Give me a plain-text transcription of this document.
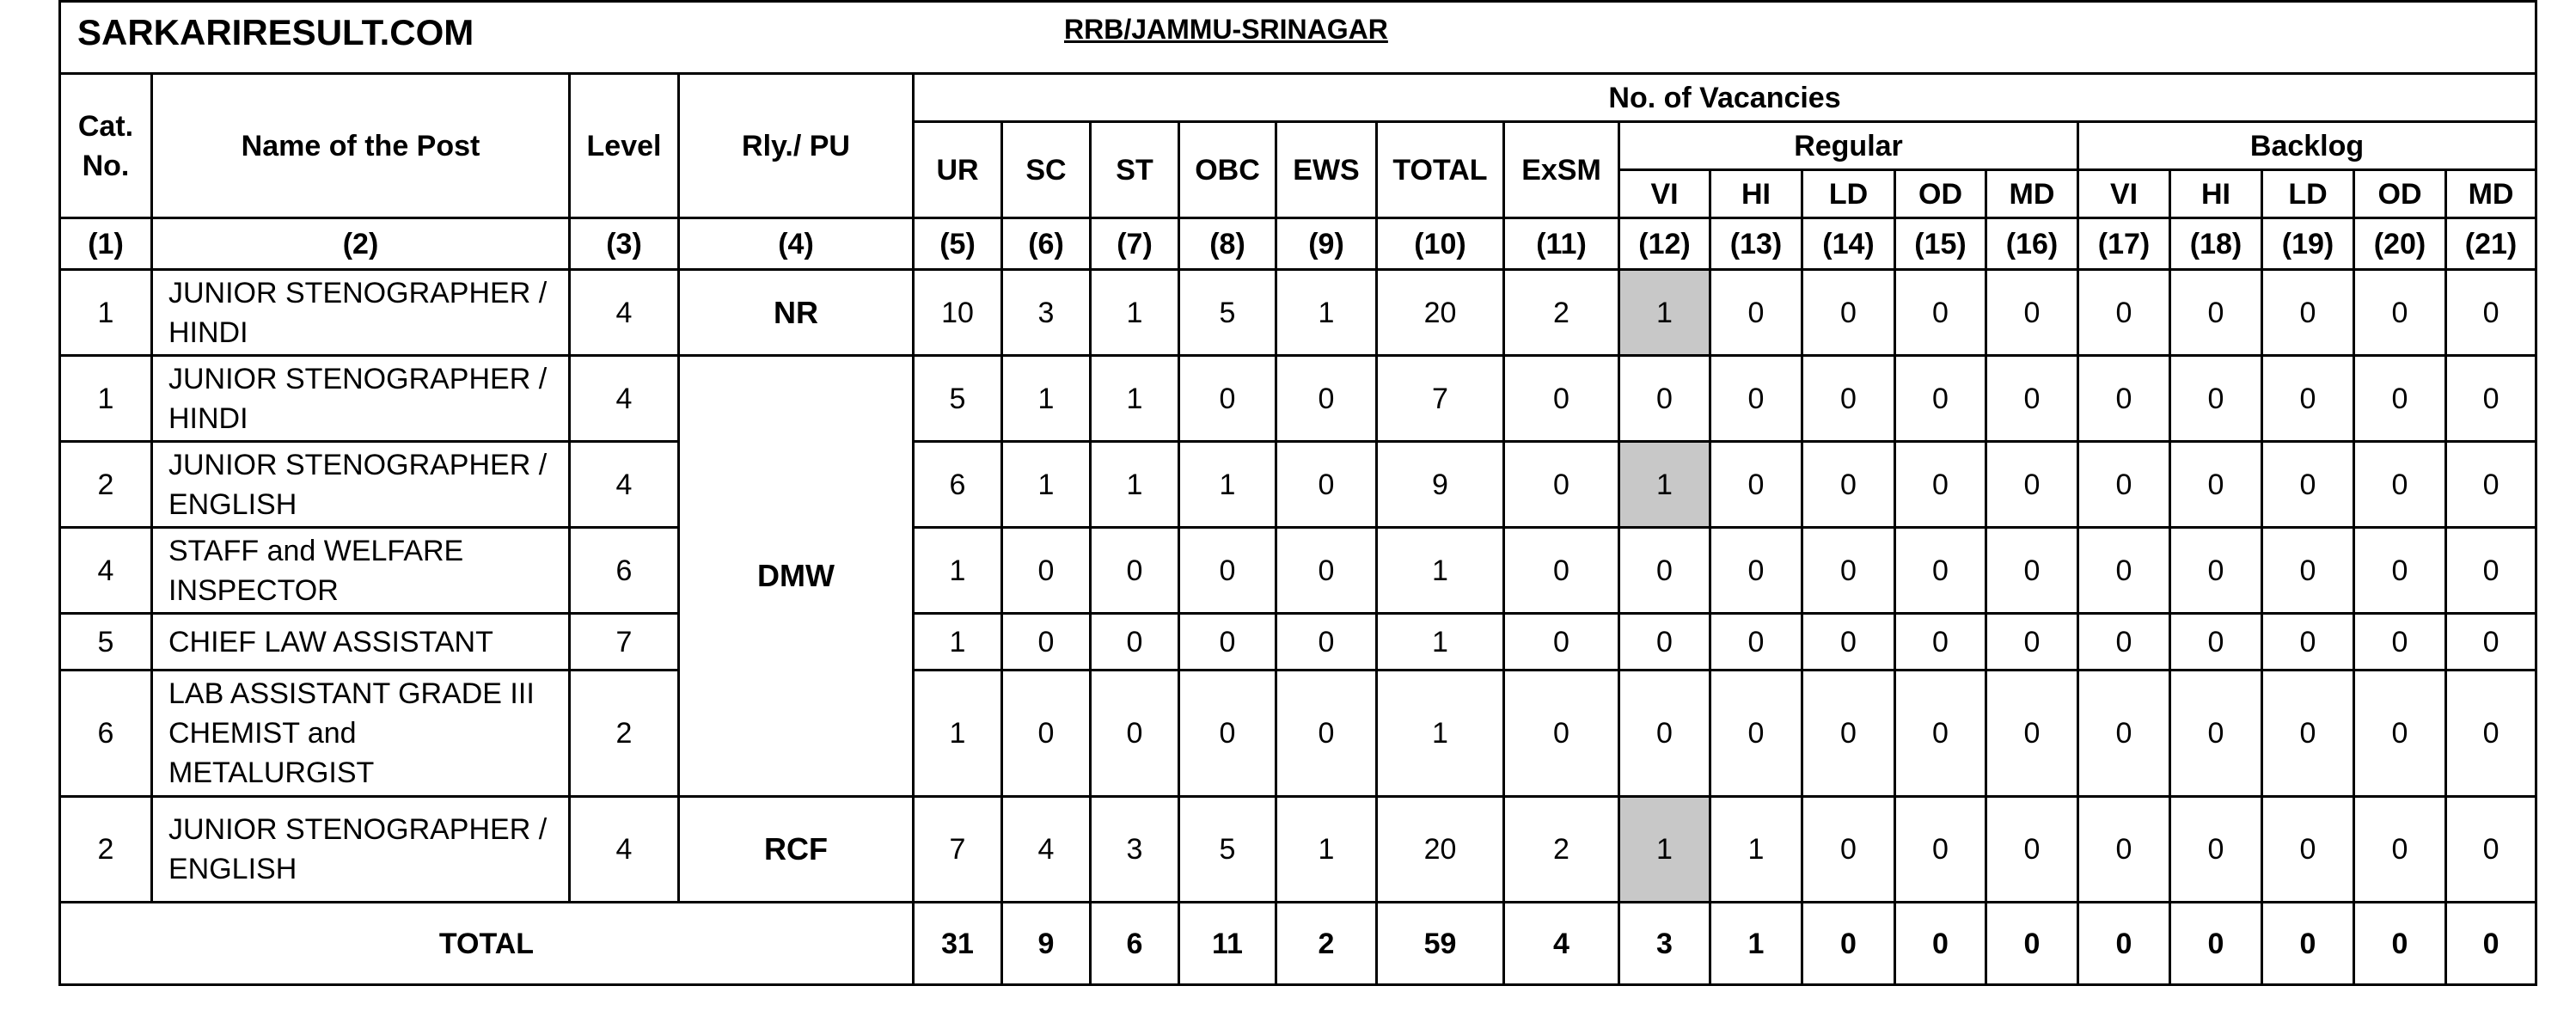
SARKARIRESULT.COM	RRB/JAMMU-SRINAGAR

Cat. No.	Name of the Post	Level	Rly./ PU	No. of Vacancies																
				UR	SC	ST	OBC	EWS	TOTAL	ExSM	Regular					Backlog				
											VI	HI	LD	OD	MD	VI	HI	LD	OD	MD
(1)	(2)	(3)	(4)	(5)	(6)	(7)	(8)	(9)	(10)	(11)	(12)	(13)	(14)	(15)	(16)	(17)	(18)	(19)	(20)	(21)
1	JUNIOR STENOGRAPHER / HINDI	4	NR	10	3	1	5	1	20	2	1	0	0	0	0	0	0	0	0	0
1	JUNIOR STENOGRAPHER / HINDI	4	DMW	5	1	1	0	0	7	0	0	0	0	0	0	0	0	0	0	0
2	JUNIOR STENOGRAPHER / ENGLISH	4		6	1	1	1	0	9	0	1	0	0	0	0	0	0	0	0	0
4	STAFF and WELFARE INSPECTOR	6		1	0	0	0	0	1	0	0	0	0	0	0	0	0	0	0	0
5	CHIEF LAW ASSISTANT	7		1	0	0	0	0	1	0	0	0	0	0	0	0	0	0	0	0
6	LAB ASSISTANT GRADE III CHEMIST and METALURGIST	2		1	0	0	0	0	1	0	0	0	0	0	0	0	0	0	0	0
2	JUNIOR STENOGRAPHER / ENGLISH	4	RCF	7	4	3	5	1	20	2	1	1	0	0	0	0	0	0	0	0
TOTAL				31	9	6	11	2	59	4	3	1	0	0	0	0	0	0	0	0
